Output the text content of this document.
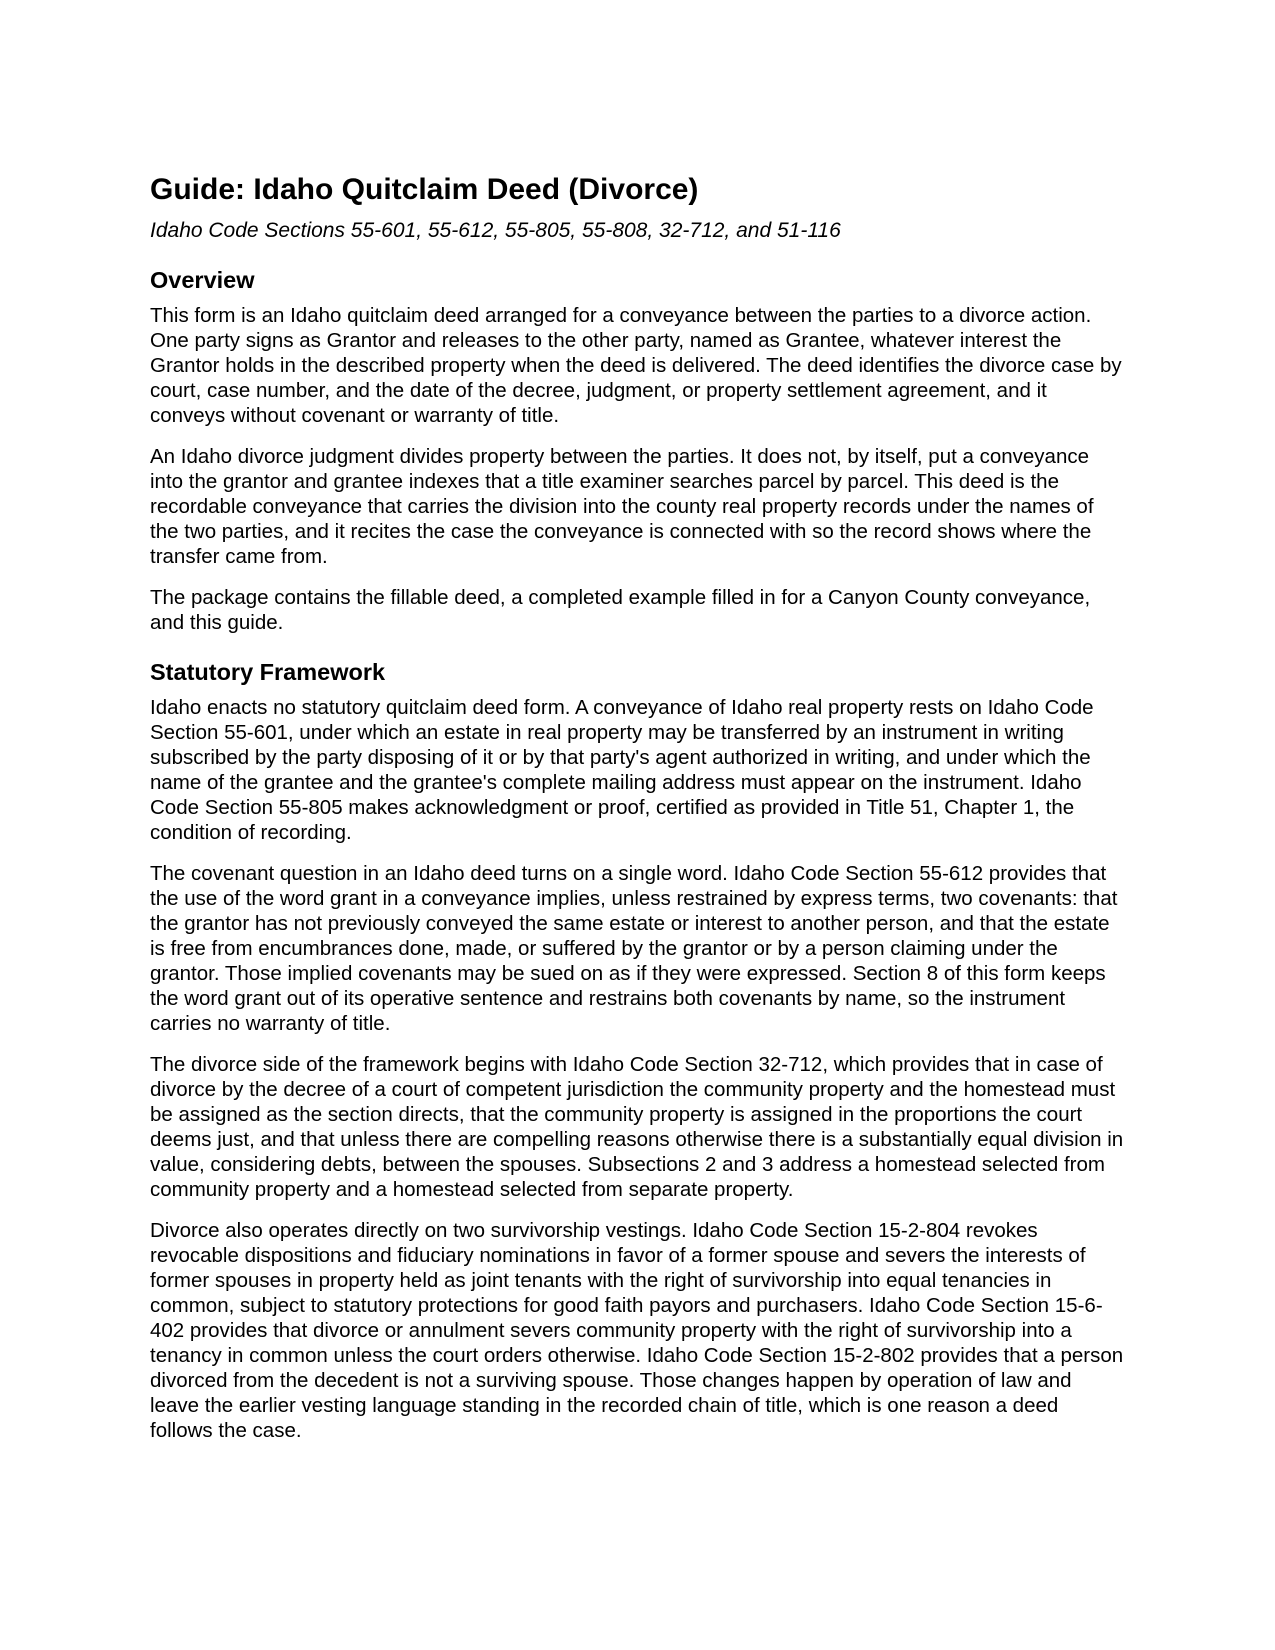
Guide: Idaho Quitclaim Deed (Divorce)

Idaho Code Sections 55-601, 55-612, 55-805, 55-808, 32-712, and 51-116

Overview

This form is an Idaho quitclaim deed arranged for a conveyance between the parties to a divorce action. One party signs as Grantor and releases to the other party, named as Grantee, whatever interest the Grantor holds in the described property when the deed is delivered. The deed identifies the divorce case by court, case number, and the date of the decree, judgment, or property settlement agreement, and it conveys without covenant or warranty of title.

An Idaho divorce judgment divides property between the parties. It does not, by itself, put a conveyance into the grantor and grantee indexes that a title examiner searches parcel by parcel. This deed is the recordable conveyance that carries the division into the county real property records under the names of the two parties, and it recites the case the conveyance is connected with so the record shows where the transfer came from.

The package contains the fillable deed, a completed example filled in for a Canyon County conveyance, and this guide.

Statutory Framework

Idaho enacts no statutory quitclaim deed form. A conveyance of Idaho real property rests on Idaho Code Section 55-601, under which an estate in real property may be transferred by an instrument in writing subscribed by the party disposing of it or by that party's agent authorized in writing, and under which the name of the grantee and the grantee's complete mailing address must appear on the instrument. Idaho Code Section 55-805 makes acknowledgment or proof, certified as provided in Title 51, Chapter 1, the condition of recording.

The covenant question in an Idaho deed turns on a single word. Idaho Code Section 55-612 provides that the use of the word grant in a conveyance implies, unless restrained by express terms, two covenants: that the grantor has not previously conveyed the same estate or interest to another person, and that the estate is free from encumbrances done, made, or suffered by the grantor or by a person claiming under the grantor. Those implied covenants may be sued on as if they were expressed. Section 8 of this form keeps the word grant out of its operative sentence and restrains both covenants by name, so the instrument carries no warranty of title.

The divorce side of the framework begins with Idaho Code Section 32-712, which provides that in case of divorce by the decree of a court of competent jurisdiction the community property and the homestead must be assigned as the section directs, that the community property is assigned in the proportions the court deems just, and that unless there are compelling reasons otherwise there is a substantially equal division in value, considering debts, between the spouses. Subsections 2 and 3 address a homestead selected from community property and a homestead selected from separate property.

Divorce also operates directly on two survivorship vestings. Idaho Code Section 15-2-804 revokes revocable dispositions and fiduciary nominations in favor of a former spouse and severs the interests of former spouses in property held as joint tenants with the right of survivorship into equal tenancies in common, subject to statutory protections for good faith payors and purchasers. Idaho Code Section 15-6-402 provides that divorce or annulment severs community property with the right of survivorship into a tenancy in common unless the court orders otherwise. Idaho Code Section 15-2-802 provides that a person divorced from the decedent is not a surviving spouse. Those changes happen by operation of law and leave the earlier vesting language standing in the recorded chain of title, which is one reason a deed follows the case.
